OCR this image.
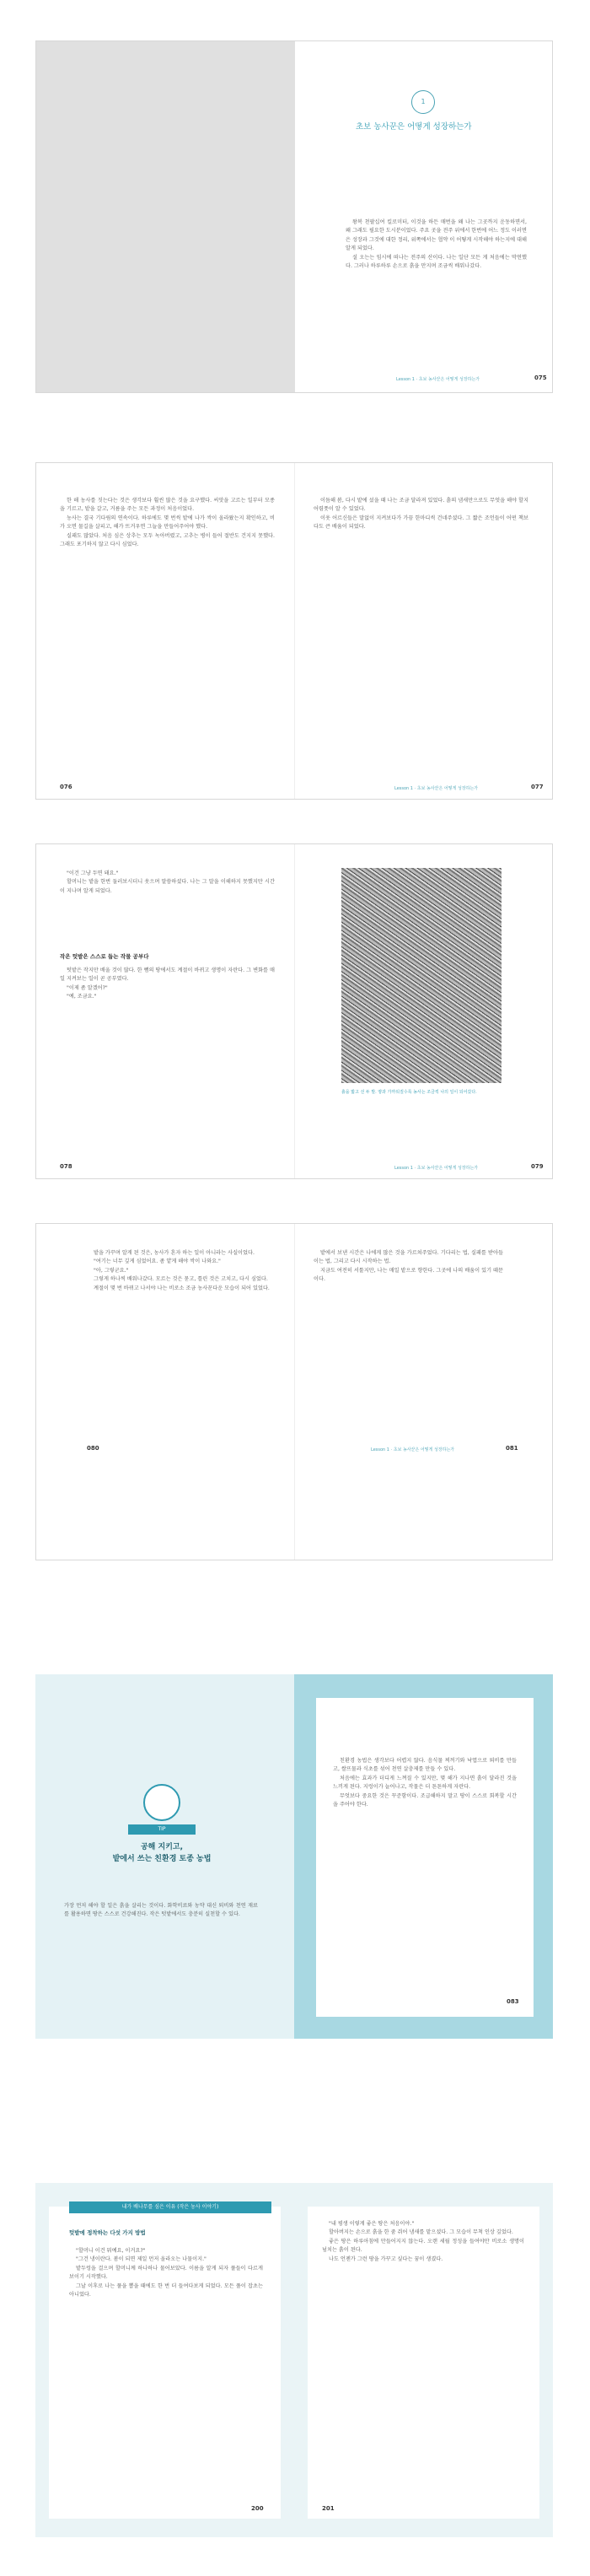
1
초보 농사꾼은 어떻게 성장하는가

왕복 천팔십여 킬로미터, 이것을 하든 매번을 왜 나는 그곳까지 운동하면서, 왜 그래도 필요한 도시분이었다. 주요 곳을 전주 위에서 한번에 어느 정도 이러면은 성장과 그것에 대한 정리, 위쪽에서는 협약 이 어떻게 시작해야 하는지에 대해 알게 되었다.

설 오는는 임시에 떠나는 전주의 산이다. 나는 일단 모든 게 처음에는 막연했다. 그러나 하루하루 손으로 흙을 만지며 조금씩 배워나갔다.

Lesson 1 · 초보 농사꾼은 어떻게 성장하는가	075

한 해 농사를 짓는다는 것은 생각보다 훨씬 많은 것을 요구했다. 씨앗을 고르는 일부터 모종을 기르고, 밭을 갈고, 거름을 주는 모든 과정이 처음이었다.

농사는 결국 기다림의 연속이다. 하루에도 몇 번씩 밭에 나가 싹이 올라왔는지 확인하고, 비가 오면 물길을 살피고, 해가 뜨거우면 그늘을 만들어주어야 했다.

실패도 많았다. 처음 심은 상추는 모두 녹아버렸고, 고추는 병이 들어 절반도 건지지 못했다. 그래도 포기하지 않고 다시 심었다.

076

이듬해 봄, 다시 밭에 섰을 때 나는 조금 달라져 있었다. 흙의 냄새만으로도 무엇을 해야 할지 어렴풋이 알 수 있었다.

이웃 어르신들은 말없이 지켜보다가 가끔 한마디씩 건네주셨다. 그 짧은 조언들이 어떤 책보다도 큰 배움이 되었다.

Lesson 1 · 초보 농사꾼은 어떻게 성장하는가	077

"이건 그냥 두면 돼요."

할머니는 밭을 한번 둘러보시더니 웃으며 말씀하셨다. 나는 그 말을 이해하지 못했지만 시간이 지나며 알게 되었다.

작은 텃밭은 스스로 돕는 작물 공부다

텃밭은 작지만 배울 것이 많다. 한 뼘의 땅에서도 계절이 바뀌고 생명이 자란다. 그 변화를 매일 지켜보는 일이 곧 공부였다.

"이제 좀 알겠어?"

"예, 조금요."

078
흙을 밟고 선 두 발. 땅과 가까워질수록 농사는 조금씩 나의 일이 되어갔다.
Lesson 1 · 초보 농사꾼은 어떻게 성장하는가	079

밭을 가꾸며 알게 된 것은, 농사가 혼자 하는 일이 아니라는 사실이었다.

"여기는 너무 깊게 심었어요. 좀 얕게 해야 싹이 나와요."

"아, 그렇군요."

그렇게 하나씩 배워나갔다. 모르는 것은 묻고, 틀린 것은 고치고, 다시 심었다.

계절이 몇 번 바뀌고 나서야 나는 비로소 조금 농사꾼다운 모습이 되어 있었다.

080

밭에서 보낸 시간은 나에게 많은 것을 가르쳐주었다. 기다리는 법, 실패를 받아들이는 법, 그리고 다시 시작하는 법.

지금도 여전히 서툴지만, 나는 매일 밭으로 향한다. 그곳에 나의 배움이 있기 때문이다.

Lesson 1 · 초보 농사꾼은 어떻게 성장하는가	081
TIP
공해 지키고,
밭에서 쓰는 친환경 토종 농법
가장 먼저 해야 할 일은 흙을 살리는 것이다. 화학비료와 농약 대신 퇴비와 천연 재료를 활용하면 땅은 스스로 건강해진다. 작은 텃밭에서도 충분히 실천할 수 있다.

친환경 농법은 생각보다 어렵지 않다. 음식물 찌꺼기와 낙엽으로 퇴비를 만들고, 쌀뜨물과 식초를 섞어 천연 살충제를 만들 수 있다.

처음에는 효과가 더디게 느껴질 수 있지만, 몇 해가 지나면 흙이 달라진 것을 느끼게 된다. 지렁이가 늘어나고, 작물은 더 튼튼하게 자란다.

무엇보다 중요한 것은 꾸준함이다. 조급해하지 말고 땅이 스스로 회복할 시간을 주어야 한다.

083
내가 배나무를 심은 이유 (작은 농사 이야기)
텃밭에 정착하는 다섯 가지 방법

"할머니 이건 뭐예요, 이거요?"

"그건 냉이란다. 봄이 되면 제일 먼저 올라오는 나물이지."

밭두렁을 걸으며 할머니께 하나하나 물어보았다. 이름을 알게 되자 풀들이 다르게 보이기 시작했다.

그날 이후로 나는 풀을 뽑을 때에도 한 번 더 들여다보게 되었다. 모든 풀이 잡초는 아니었다.

200

"내 평생 이렇게 좋은 땅은 처음이야."

할아버지는 손으로 흙을 한 줌 쥐어 냄새를 맡으셨다. 그 모습이 무척 인상 깊었다.

좋은 땅은 하루아침에 만들어지지 않는다. 오랜 세월 정성을 들여야만 비로소 생명이 넘치는 흙이 된다.

나도 언젠가 그런 땅을 가꾸고 싶다는 꿈이 생겼다.

201
